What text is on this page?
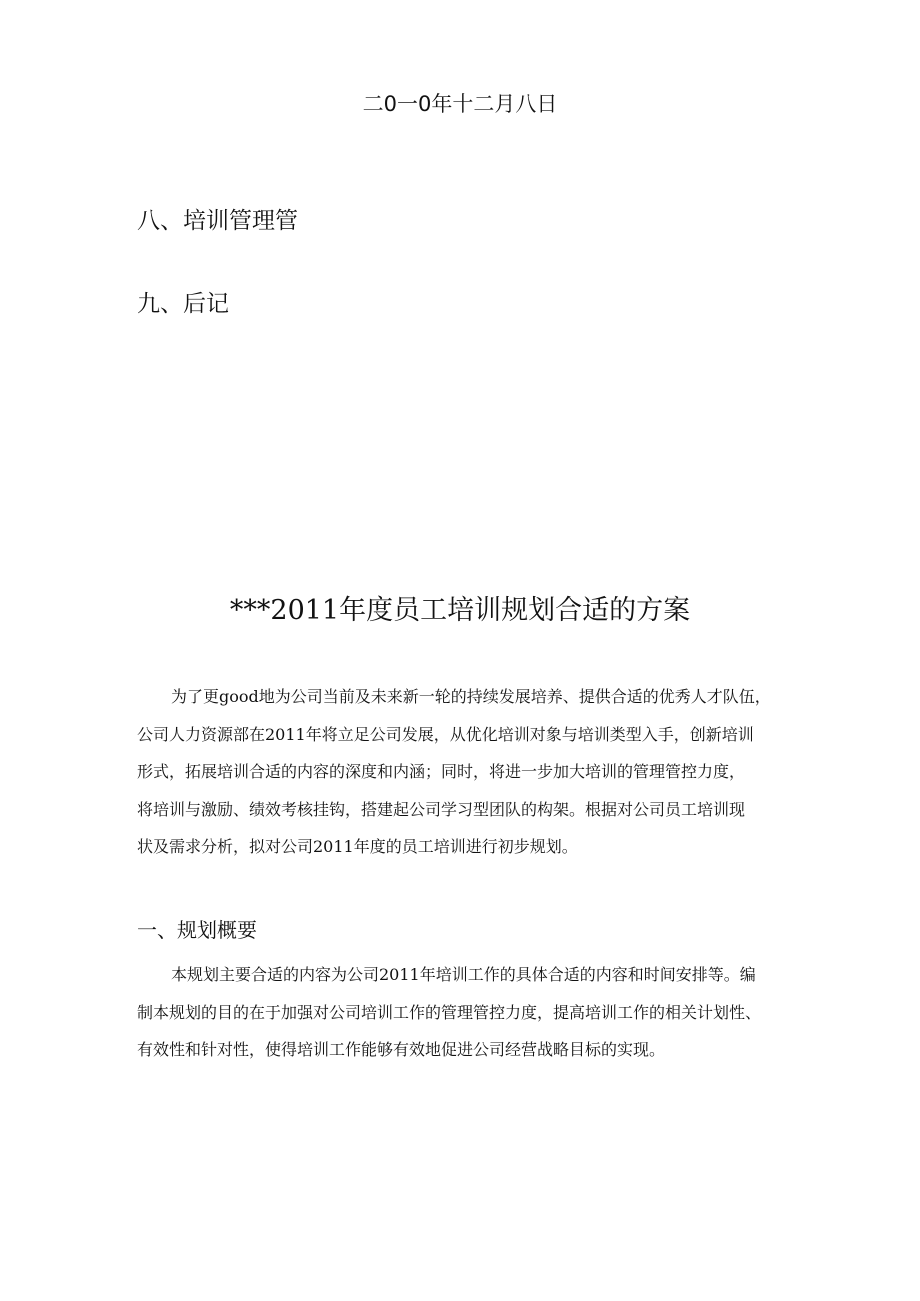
二0一0年十二月八日
八、培训管理管
九、后记
***2011年度员工培训规划合适的方案
为了更good地为公司当前及未来新一轮的持续发展培养、提供合适的优秀人才队伍，
公司人力资源部在2011年将立足公司发展，从优化培训对象与培训类型入手，创新培训
形式，拓展培训合适的内容的深度和内涵；同时，将进一步加大培训的管理管控力度，
将培训与激励、绩效考核挂钩，搭建起公司学习型团队的构架。根据对公司员工培训现
状及需求分析，拟对公司2011年度的员工培训进行初步规划。
一、规划概要
本规划主要合适的内容为公司2011年培训工作的具体合适的内容和时间安排等。编
制本规划的目的在于加强对公司培训工作的管理管控力度，提高培训工作的相关计划性、
有效性和针对性，使得培训工作能够有效地促进公司经营战略目标的实现。
